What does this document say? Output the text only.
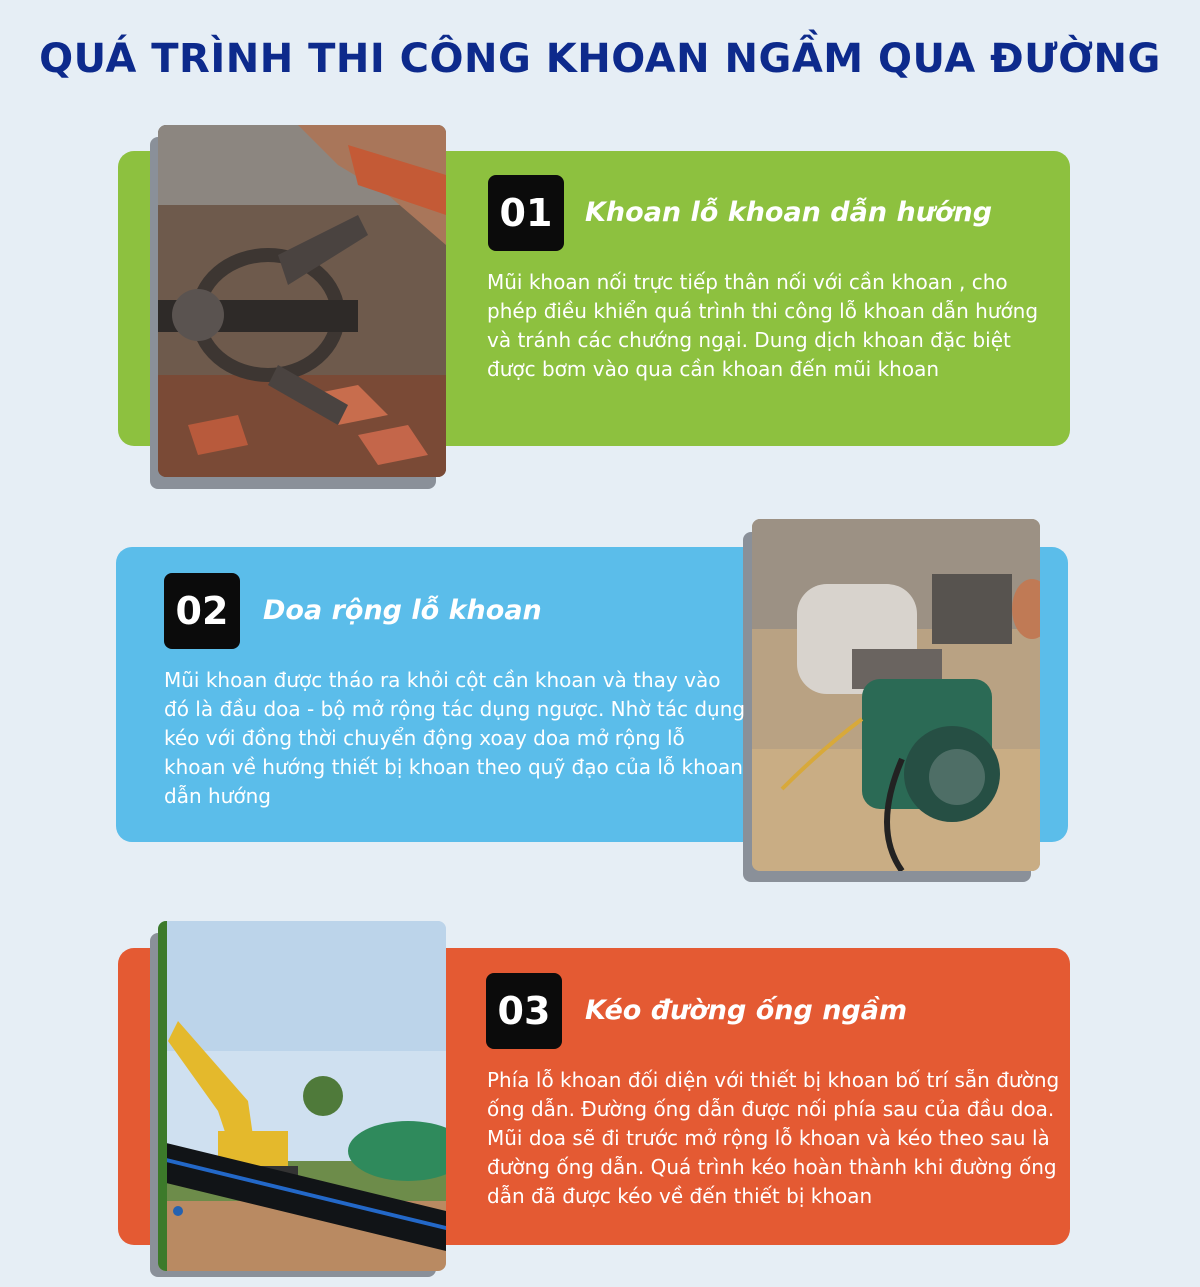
QUÁ TRÌNH THI CÔNG KHOAN NGẦM QUA ĐƯỜNG
01	Khoan lỗ khoan dẫn hướng

Mũi khoan nối trực tiếp thân nối với cần khoan , cho phép điều khiển quá trình thi công lỗ khoan dẫn hướng và tránh các chướng ngại. Dung dịch khoan đặc biệt được bơm vào qua cần khoan đến mũi khoan

02	Doa rộng lỗ khoan

Mũi khoan được tháo ra khỏi cột cần khoan và thay vào đó là đầu doa - bộ mở rộng tác dụng ngược. Nhờ tác dụng kéo với đồng thời chuyển động xoay doa mở rộng lỗ khoan về hướng thiết bị khoan theo quỹ đạo của lỗ khoan dẫn hướng

03	Kéo đường ống ngầm

Phía lỗ khoan đối diện với thiết bị khoan bố trí sẵn đường ống dẫn. Đường ống dẫn được nối phía sau của đầu doa. Mũi doa sẽ đi trước mở rộng lỗ khoan và kéo theo sau là đường ống dẫn. Quá trình kéo hoàn thành khi đường ống dẫn đã được kéo về đến thiết bị khoan
